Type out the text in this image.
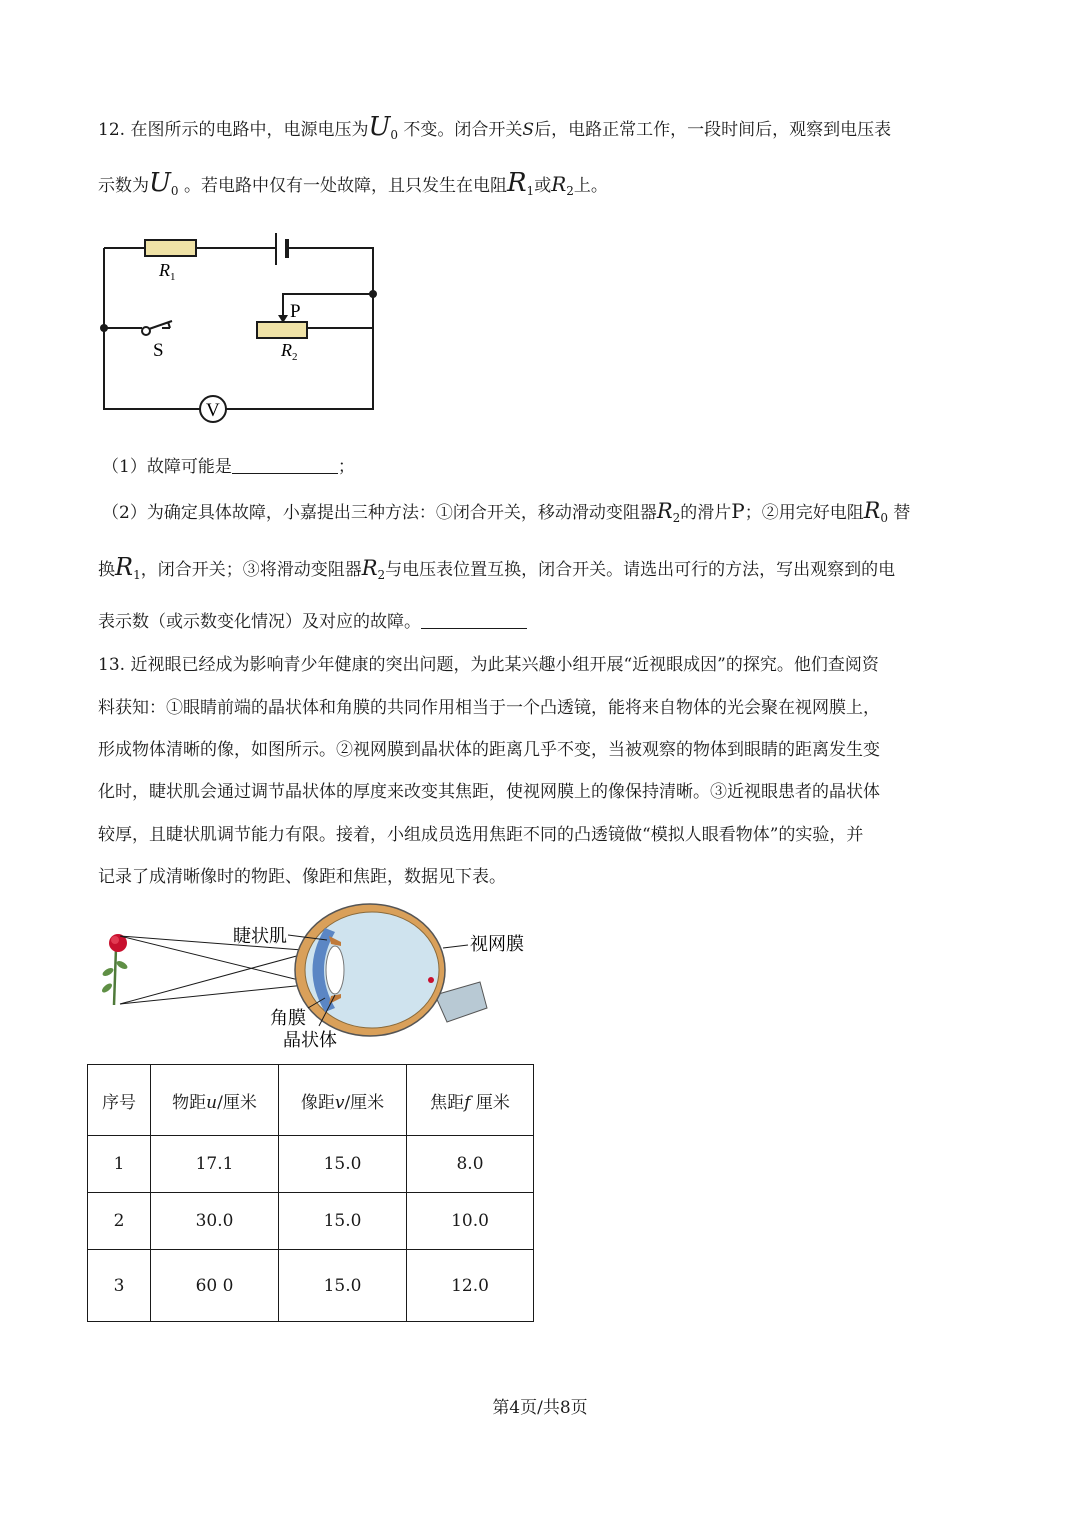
12. 在图所示的电路中，电源电压为$U_0$ 不变。闭合开关S后，电路正常工作，一段时间后，观察到电压表
示数为$U_0$ 。若电路中仅有一处故障，且只发生在电阻$R_1$或$R_2$上。
V
$R_1$
P
S	$R_2$
（1）故障可能是	；
（2）为确定具体故障，小嘉提出三种方法：①闭合开关，移动滑动变阻器$R_2$的滑片P；②用完好电阻$R_0$ 替
换$R_1$，闭合开关；③将滑动变阻器$R_2$与电压表位置互换，闭合开关。请选出可行的方法，写出观察到的电
表示数（或示数变化情况）及对应的故障。
13. 近视眼已经成为影响青少年健康的突出问题，为此某兴趣小组开展“近视眼成因”的探究。他们查阅资
料获知：①眼睛前端的晶状体和角膜的共同作用相当于一个凸透镜，能将来自物体的光会聚在视网膜上，
形成物体清晰的像，如图所示。②视网膜到晶状体的距离几乎不变，当被观察的物体到眼睛的距离发生变
化时，睫状肌会通过调节晶状体的厚度来改变其焦距，使视网膜上的像保持清晰。③近视眼患者的晶状体
较厚，且睫状肌调节能力有限。接着，小组成员选用焦距不同的凸透镜做“模拟人眼看物体”的实验，并
记录了成清晰像时的物距、像距和焦距，数据见下表。
睫状肌	视网膜
角膜
晶状体
序号	物距u/厘米	像距v/厘米	焦距f 厘米
1	17.1	15.0	8.0
2	30.0	15.0	10.0
3	60 0	15.0	12.0
第4页/共8页
